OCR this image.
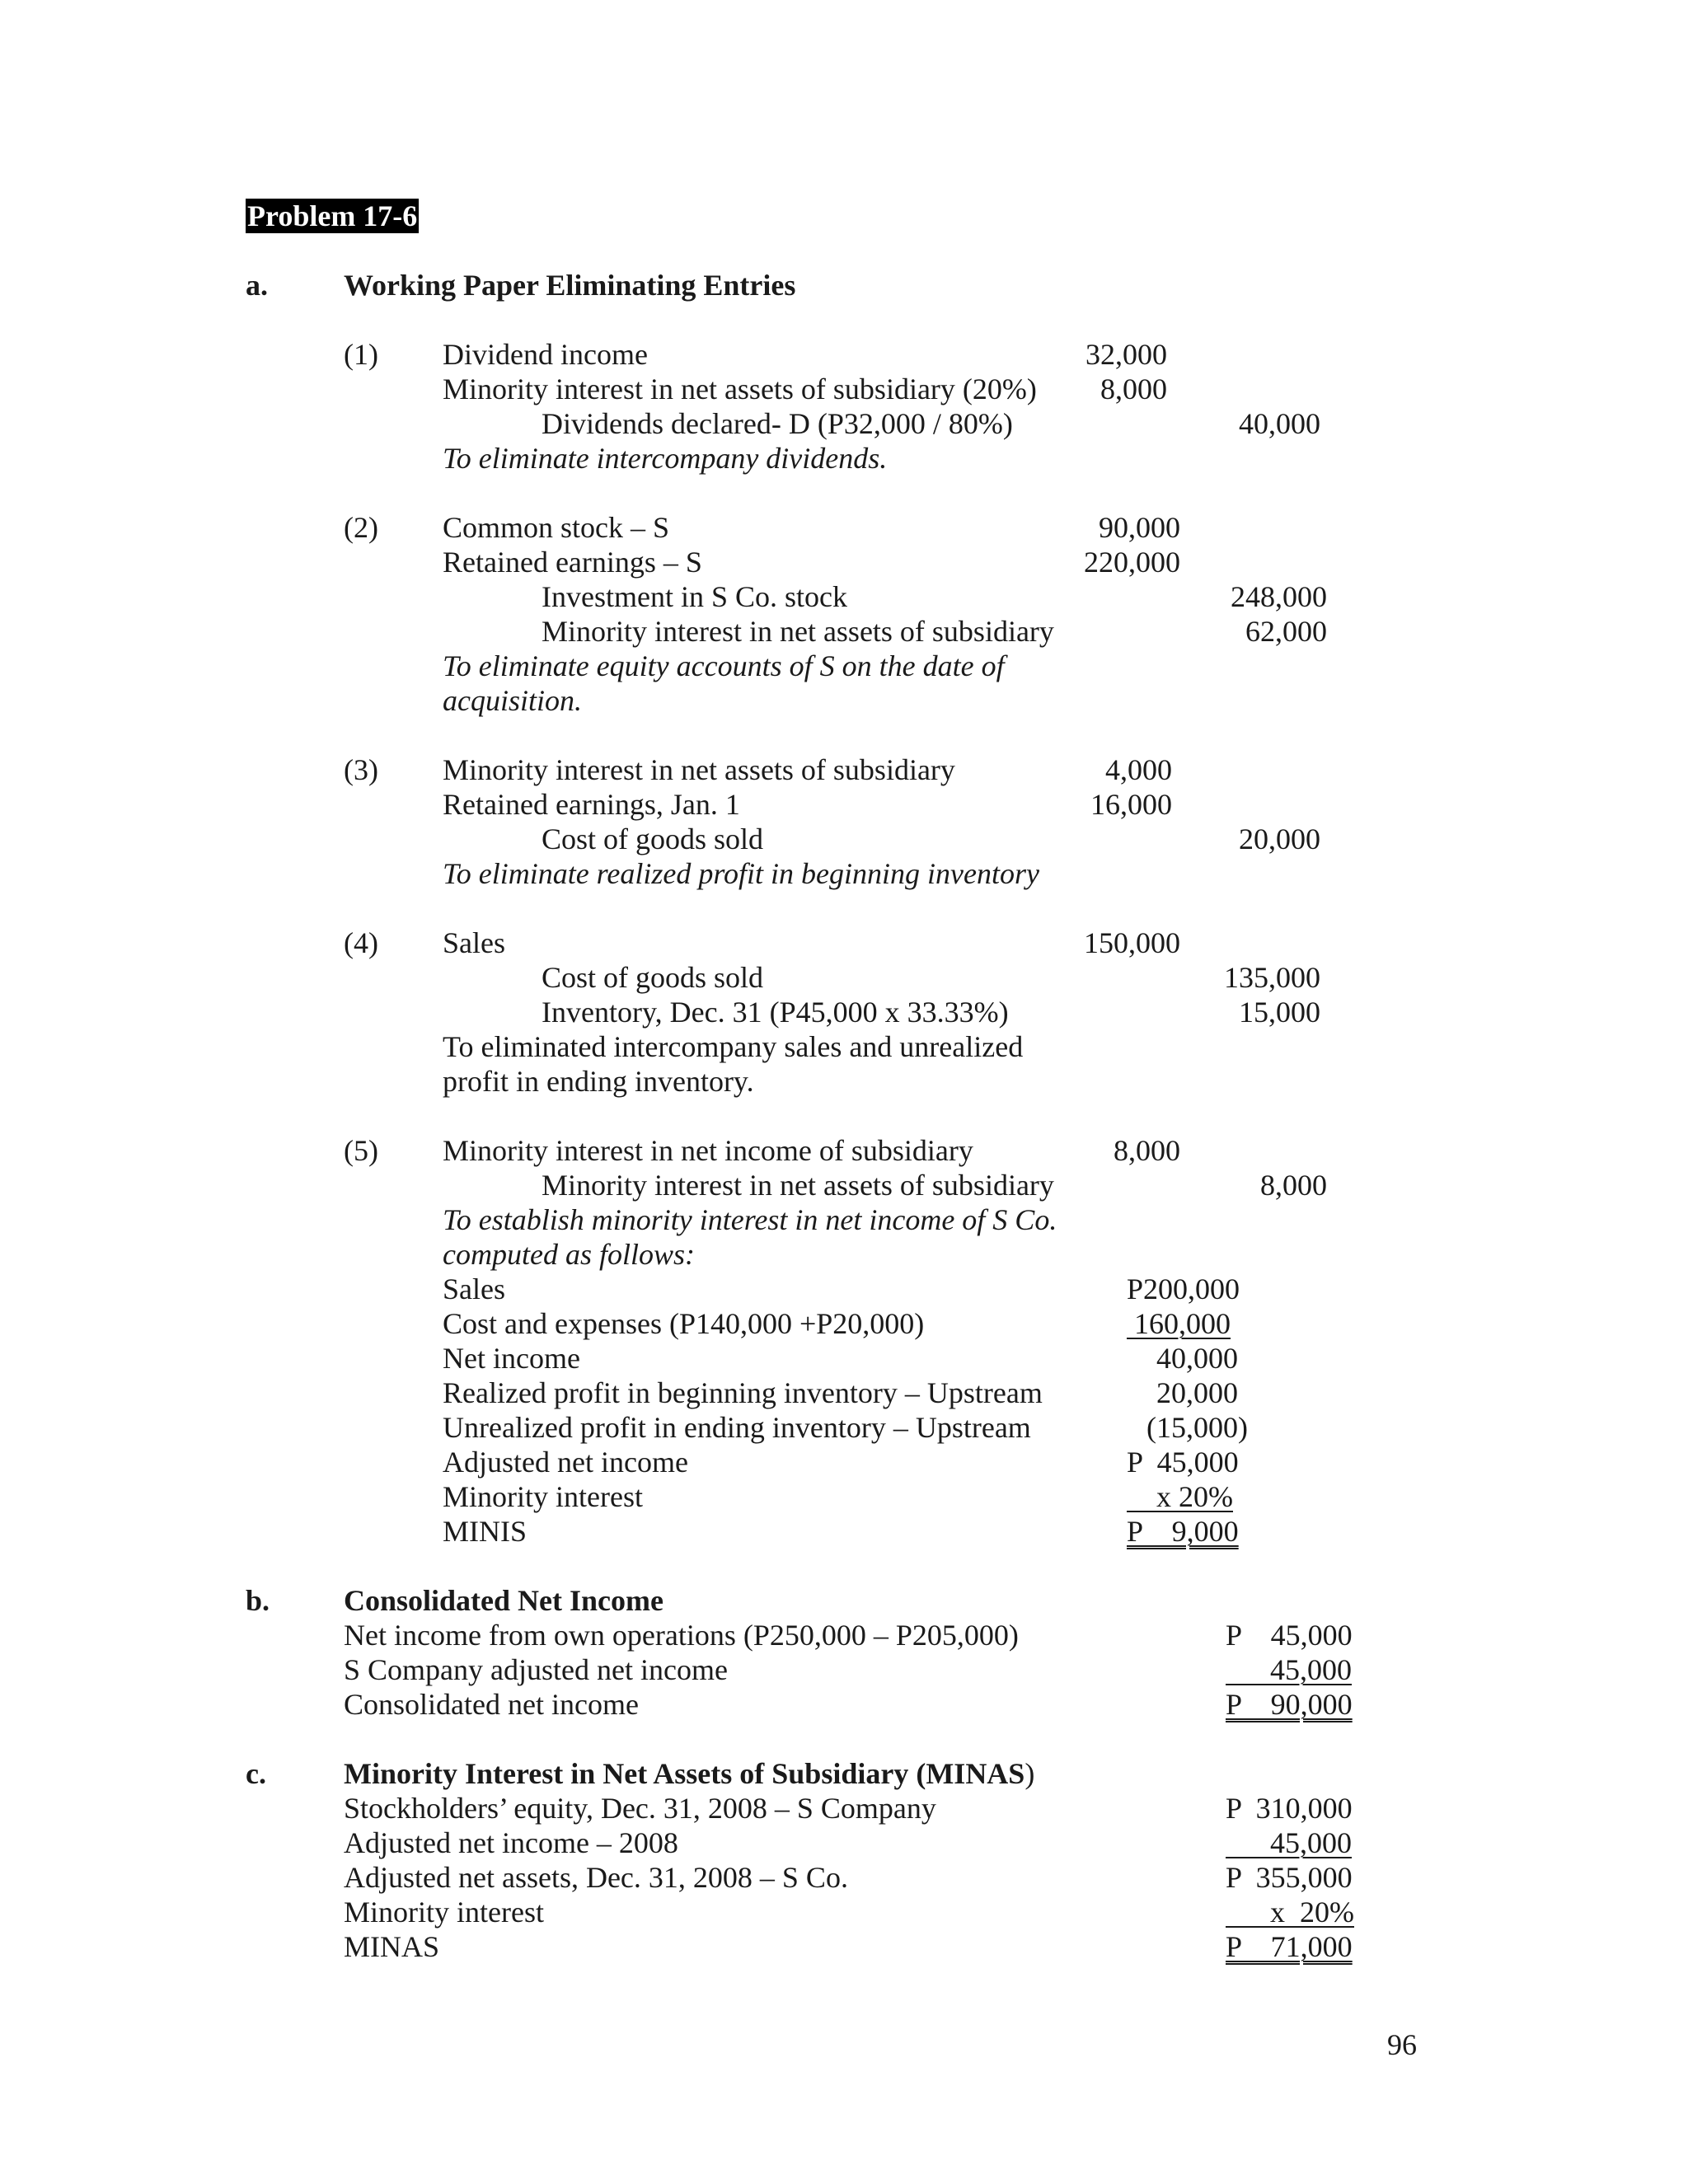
Problem 17-6
a.	Working Paper Eliminating Entries
(1) Dividend income	32,000
Minority interest in net assets of subsidiary (20%) 8,000
Dividends declared- D (P32,000 / 80%)	40,000
To eliminate intercompany dividends.
(2) Common stock – S	90,000
Retained earnings – S	220,000
Investment in S Co. stock	248,000
Minority interest in net assets of subsidiary	62,000
To eliminate equity accounts of S on the date of
acquisition.
(3) Minority interest in net assets of subsidiary	4,000
Retained earnings, Jan. 1	16,000
Cost of goods sold	20,000
To eliminate realized profit in beginning inventory
(4) Sales	150,000
Cost of goods sold	135,000
Inventory, Dec. 31 (P45,000 x 33.33%)	15,000
To eliminated intercompany sales and unrealized
profit in ending inventory.
(5) Minority interest in net income of subsidiary	8,000
Minority interest in net assets of subsidiary	8,000
To establish minority interest in net income of S Co.
computed as follows:
Sales	P200,000
Cost and expenses (P140,000 +P20,000)	160,000
Net income	40,000
Realized profit in beginning inventory – Upstream	20,000
Unrealized profit in ending inventory – Upstream	(15,000)
Adjusted net income	P  45,000
Minority interest	x 20%
MINIS	P    9,000
b. Consolidated Net Income
Net income from own operations (P250,000 – P205,000)	P    45,000
S Company adjusted net income	45,000
Consolidated net income	P    90,000
c.	Minority Interest in Net Assets of Subsidiary (MINAS)
Stockholders’ equity, Dec. 31, 2008 – S Company	P  310,000
Adjusted net income – 2008	45,000
Adjusted net assets, Dec. 31, 2008 – S Co.	P  355,000
Minority interest	x  20%
MINAS	P    71,000
96
